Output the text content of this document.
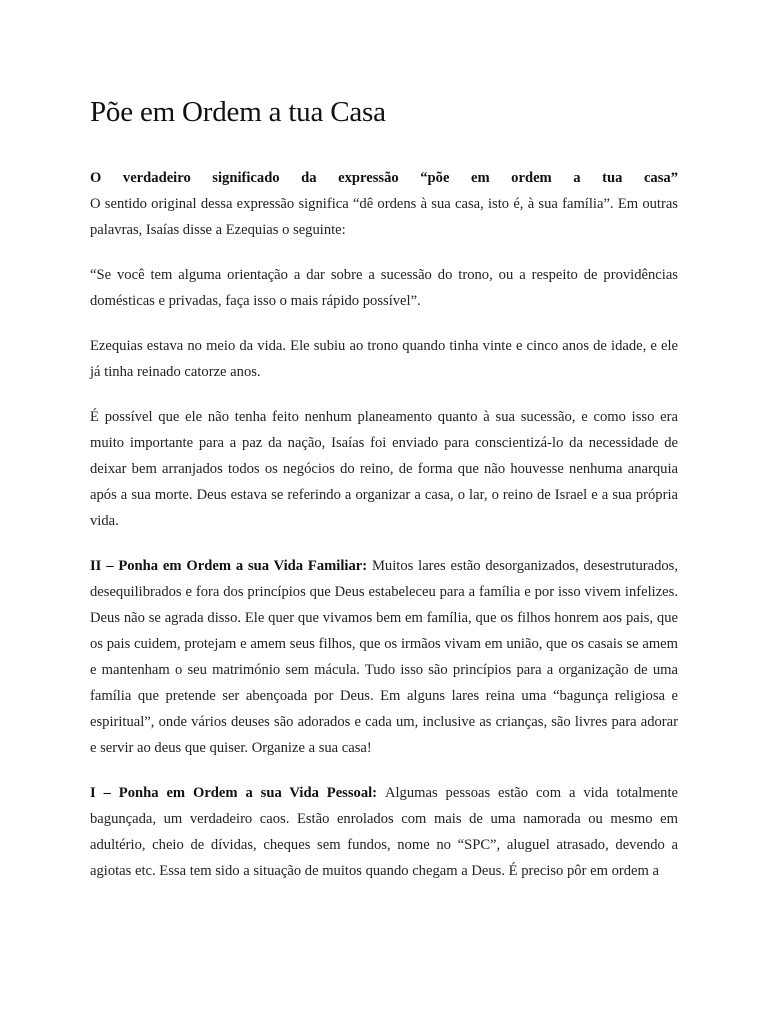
Põe em Ordem a tua Casa

O verdadeiro significado da expressão “põe em ordem a tua casa”
O sentido original dessa expressão significa “dê ordens à sua casa, isto é, à sua família”. Em outras palavras, Isaías disse a Ezequias o seguinte:

“Se você tem alguma orientação a dar sobre a sucessão do trono, ou a respeito de providências domésticas e privadas, faça isso o mais rápido possível”.

Ezequias estava no meio da vida. Ele subiu ao trono quando tinha vinte e cinco anos de idade, e ele já tinha reinado catorze anos.

É possível que ele não tenha feito nenhum planeamento quanto à sua sucessão, e como isso era muito importante para a paz da nação, Isaías foi enviado para conscientizá-lo da necessidade de deixar bem arranjados todos os negócios do reino, de forma que não houvesse nenhuma anarquia após a sua morte. Deus estava se referindo a organizar a casa, o lar, o reino de Israel e a sua própria vida.

II – Ponha em Ordem a sua Vida Familiar: Muitos lares estão desorganizados, desestruturados, desequilibrados e fora dos princípios que Deus estabeleceu para a família e por isso vivem infelizes. Deus não se agrada disso. Ele quer que vivamos bem em família, que os filhos honrem aos pais, que os pais cuidem, protejam e amem seus filhos, que os irmãos vivam em união, que os casais se amem e mantenham o seu matrimónio sem mácula. Tudo isso são princípios para a organização de uma família que pretende ser abençoada por Deus. Em alguns lares reina uma “bagunça religiosa e espiritual”, onde vários deuses são adorados e cada um, inclusive as crianças, são livres para adorar e servir ao deus que quiser. Organize a sua casa!

I – Ponha em Ordem a sua Vida Pessoal: Algumas pessoas estão com a vida totalmente bagunçada, um verdadeiro caos. Estão enrolados com mais de uma namorada ou mesmo em adultério, cheio de dívidas, cheques sem fundos, nome no “SPC”, aluguel atrasado, devendo a agiotas etc. Essa tem sido a situação de muitos quando chegam a Deus. É preciso pôr em ordem a
